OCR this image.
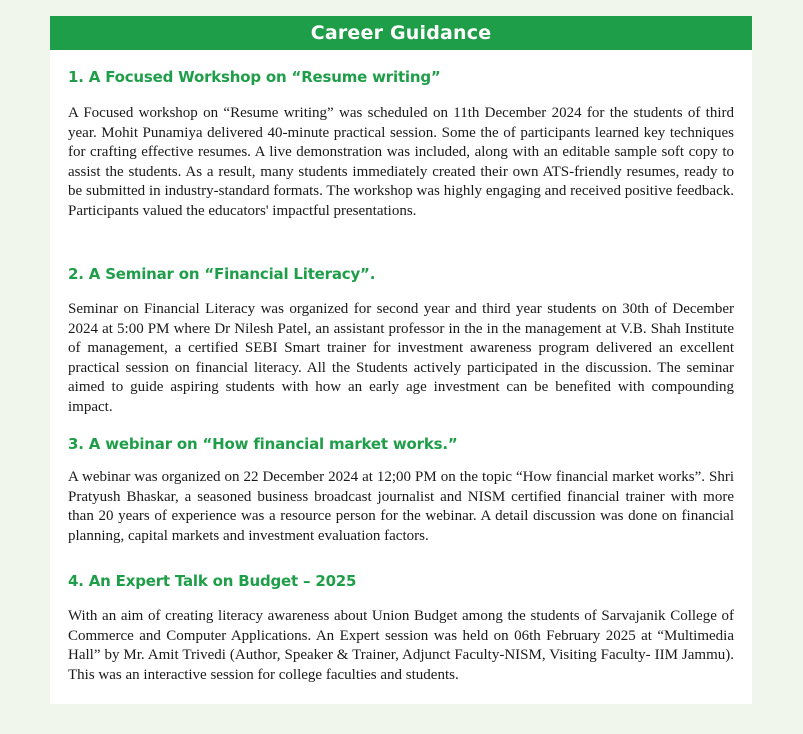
Career Guidance
1. A Focused Workshop on “Resume writing”

A Focused workshop on “Resume writing” was scheduled on 11th December 2024 for the students of third year. Mohit Punamiya delivered 40-minute practical session. Some the of participants learned key techniques for crafting effective resumes. A live demonstration was included, along with an editable sample soft copy to assist the students. As a result, many students immediately created their own ATS-friendly resumes, ready to be submitted in industry-standard formats. The workshop was highly engaging and received positive feedback. Participants valued the educators' impactful presentations.

2. A Seminar on “Financial Literacy”.

Seminar on Financial Literacy was organized for second year and third year students on 30th of December 2024 at 5:00 PM where Dr Nilesh Patel, an assistant professor in the in the management at V.B. Shah Institute of management, a certified SEBI Smart trainer for investment awareness program delivered an excellent practical session on financial literacy. All the Students actively participated in the discussion. The seminar aimed to guide aspiring students with how an early age investment can be benefited with compounding impact.

3. A webinar on “How financial market works.”

A webinar was organized on 22 December 2024 at 12;00 PM on the topic “How financial market works”. Shri Pratyush Bhaskar, a seasoned business broadcast journalist and NISM certified financial trainer with more than 20 years of experience was a resource person for the webinar. A detail discussion was done on financial planning, capital markets and investment evaluation factors.

4. An Expert Talk on Budget – 2025

With an aim of creating literacy awareness about Union Budget among the students of Sarvajanik College of Commerce and Computer Applications. An Expert session was held on 06th February 2025 at “Multimedia Hall” by Mr. Amit Trivedi (Author, Speaker & Trainer, Adjunct Faculty-NISM, Visiting Faculty- IIM Jammu). This was an interactive session for college faculties and students.
